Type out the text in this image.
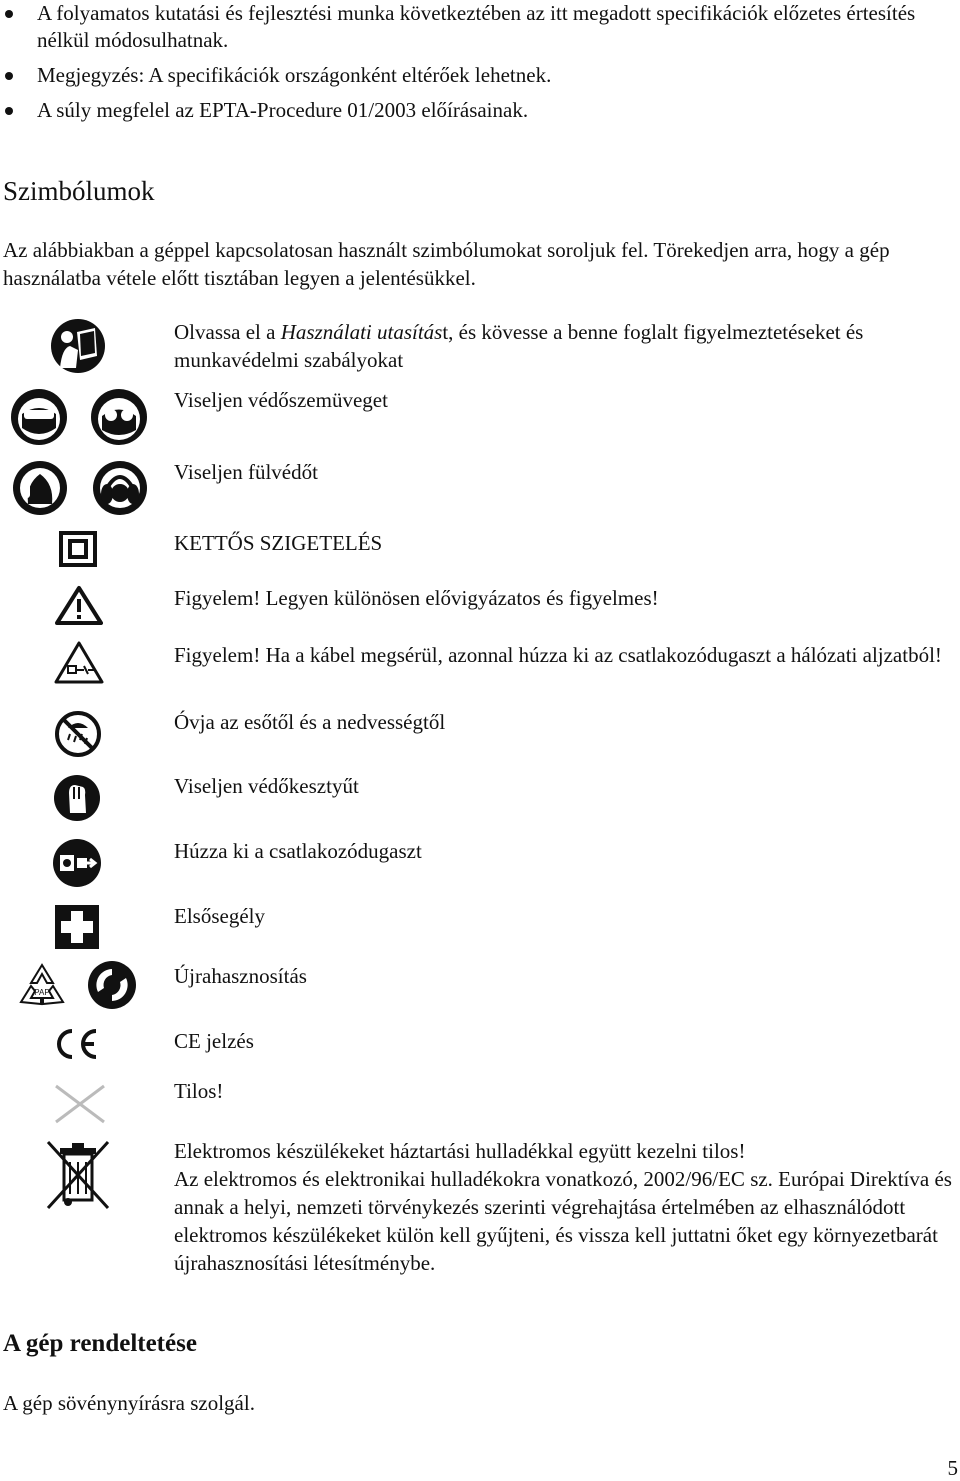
A folyamatos kutatási és fejlesztési munka következtében az itt megadott specifikációk előzetes értesítés nélkül módosulhatnak.
Megjegyzés: A specifikációk országonként eltérőek lehetnek.
A súly megfelel az EPTA-Procedure 01/2003 előírásainak.
Szimbólumok
Az alábbiakban a géppel kapcsolatosan használt szimbólumokat soroljuk fel. Törekedjen arra, hogy a gép használatba vétele előtt tisztában legyen a jelentésükkel.
Olvassa el a Használati utasítást, és kövesse a benne foglalt figyelmeztetéseket és munkavédelmi szabályokat
Viseljen védőszemüveget
Viseljen fülvédőt
KETTŐS SZIGETELÉS
Figyelem! Legyen különösen elővigyázatos és figyelmes!
Figyelem! Ha a kábel megsérül, azonnal húzza ki az csatlakozódugaszt a hálózati aljzatból!
Óvja az esőtől és a nedvességtől
Viseljen védőkesztyűt
Húzza ki a csatlakozódugaszt
Elsősegély
PAP
Újrahasznosítás
CE jelzés
Tilos!
Elektromos készülékeket háztartási hulladékkal együtt kezelni tilos!
Az elektromos és elektronikai hulladékokra vonatkozó, 2002/96/EC sz. Európai Direktíva és annak a helyi, nemzeti törvénykezés szerinti végrehajtása értelmében az elhasználódott elektromos készülékeket külön kell gyűjteni, és vissza kell juttatni őket egy környezetbarát újrahasznosítási létesítménybe.
A gép rendeltetése
A gép sövénynyírásra szolgál.
5
